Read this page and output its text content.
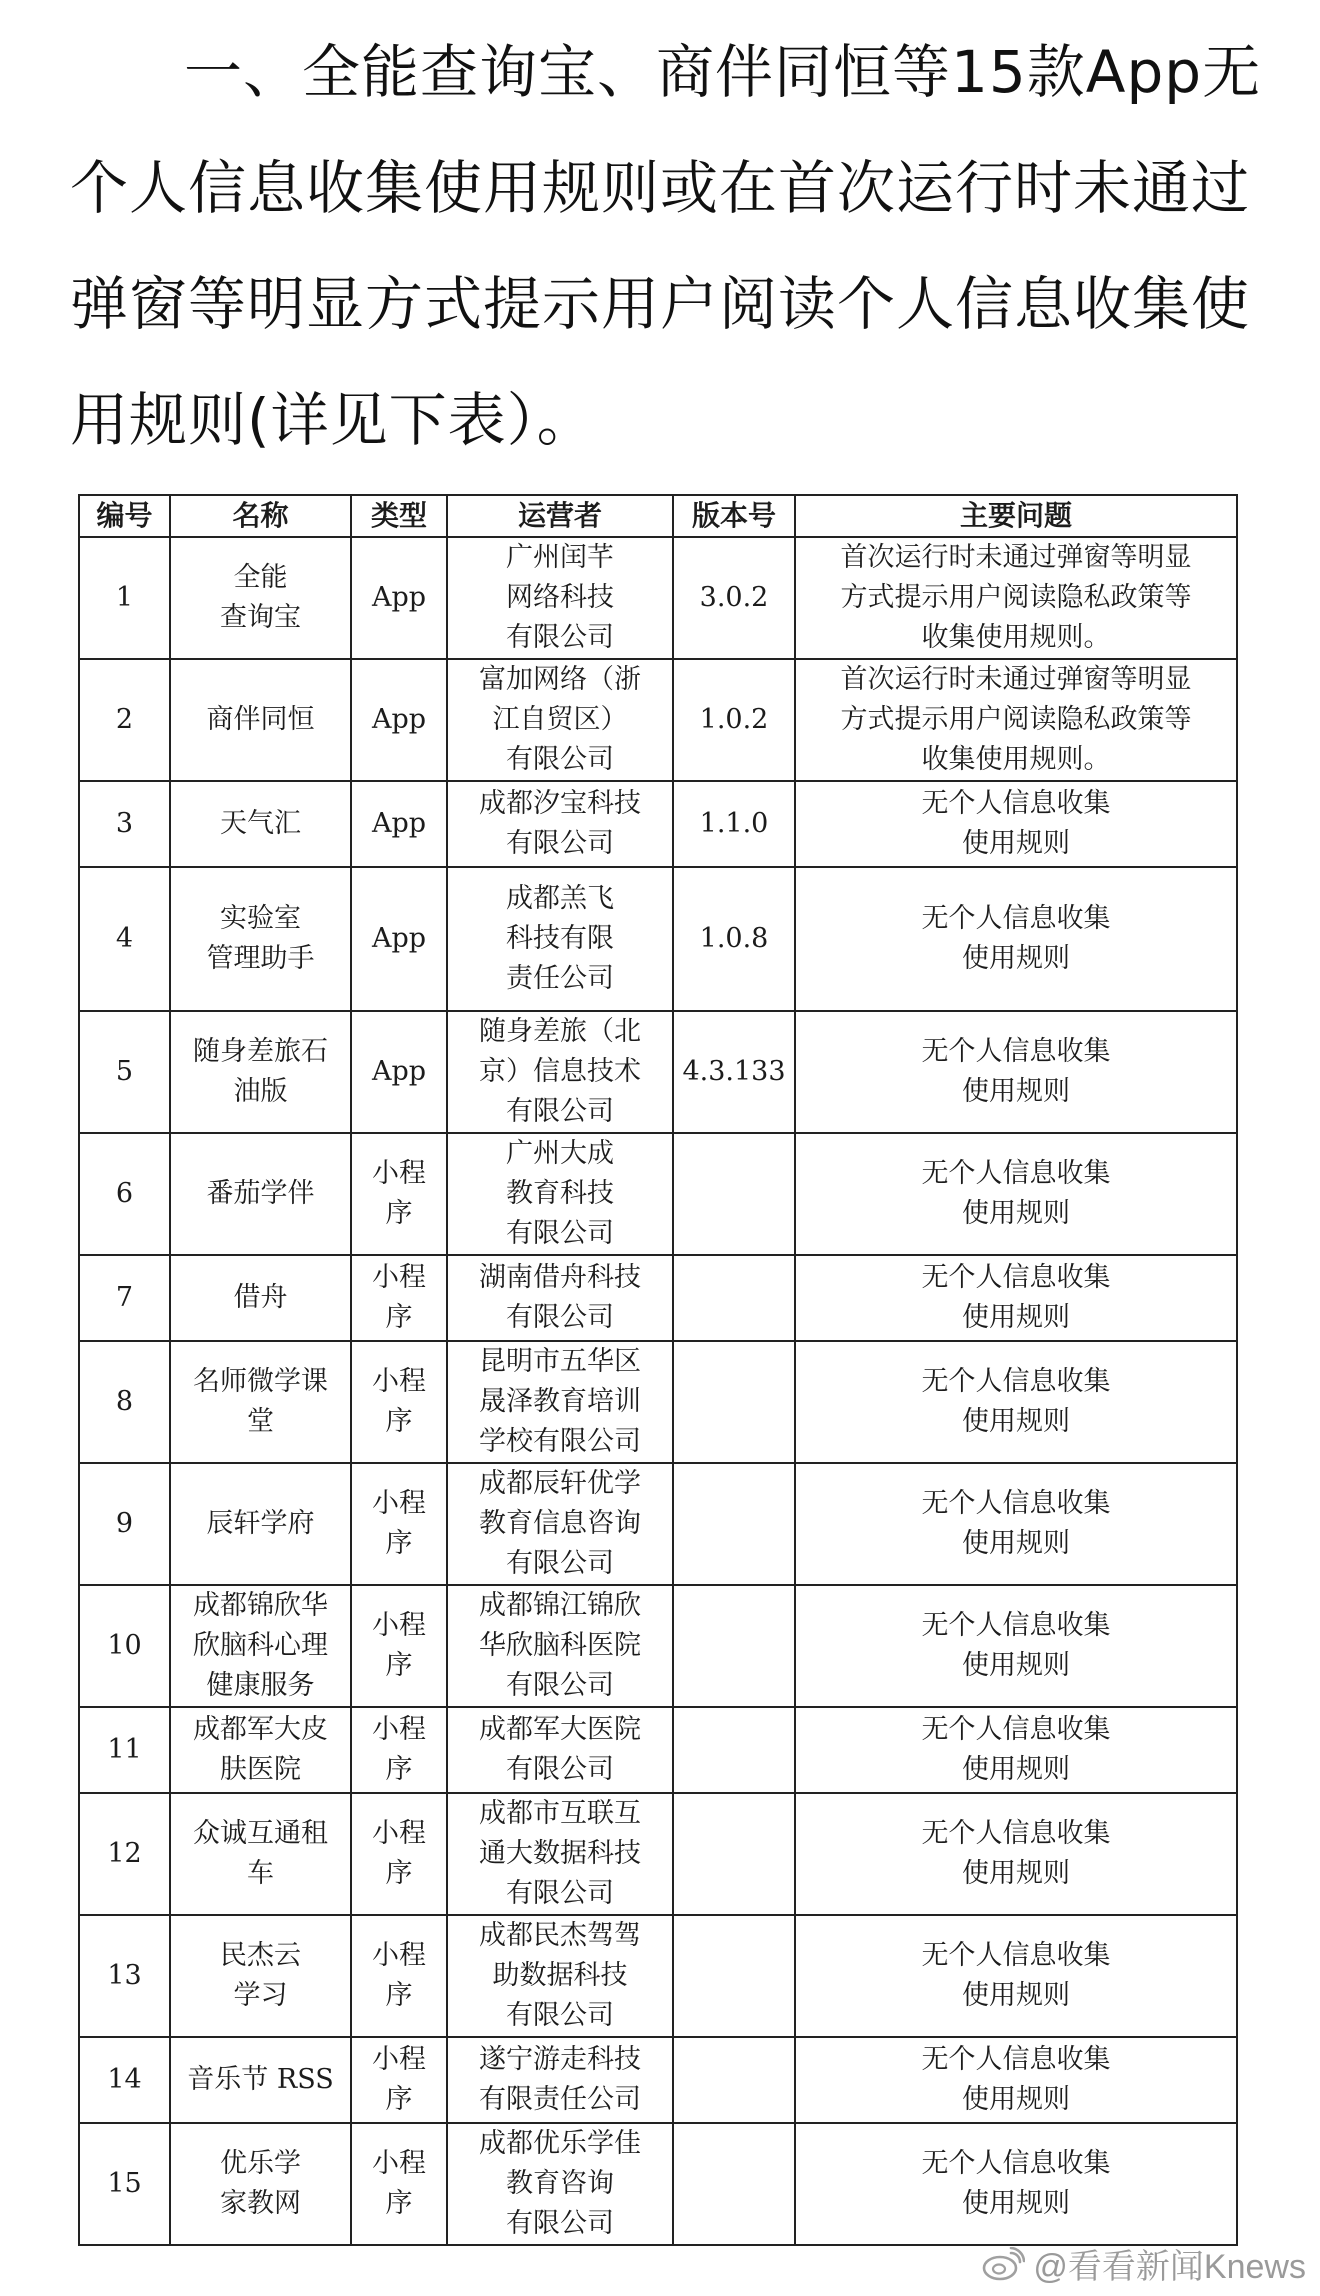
一、全能查询宝、商伴同恒等15款App无
个人信息收集使用规则或在首次运行时未通过
弹窗等明显方式提示用户阅读个人信息收集使
用规则(详见下表）。
编号	名称	类型	运营者	版本号	主要问题
1	全能
查询宝	App	广州闰芊
网络科技
有限公司	3.0.2	首次运行时未通过弹窗等明显
方式提示用户阅读隐私政策等
收集使用规则。
2	商伴同恒	App	富加网络（浙
江自贸区）
有限公司	1.0.2	首次运行时未通过弹窗等明显
方式提示用户阅读隐私政策等
收集使用规则。
3	天气汇	App	成都汐宝科技
有限公司	1.1.0	无个人信息收集
使用规则
4	实验室
管理助手	App	成都羔飞
科技有限
责任公司	1.0.8	无个人信息收集
使用规则
5	随身差旅石
油版	App	随身差旅（北
京）信息技术
有限公司	4.3.133	无个人信息收集
使用规则
6	番茄学伴	小程
序	广州大成
教育科技
有限公司		无个人信息收集
使用规则
7	借舟	小程
序	湖南借舟科技
有限公司		无个人信息收集
使用规则
8	名师微学课
堂	小程
序	昆明市五华区
晟泽教育培训
学校有限公司		无个人信息收集
使用规则
9	辰轩学府	小程
序	成都辰轩优学
教育信息咨询
有限公司		无个人信息收集
使用规则
10	成都锦欣华
欣脑科心理
健康服务	小程
序	成都锦江锦欣
华欣脑科医院
有限公司		无个人信息收集
使用规则
11	成都军大皮
肤医院	小程
序	成都军大医院
有限公司		无个人信息收集
使用规则
12	众诚互通租
车	小程
序	成都市互联互
通大数据科技
有限公司		无个人信息收集
使用规则
13	民杰云
学习	小程
序	成都民杰驾驾
助数据科技
有限公司		无个人信息收集
使用规则
14	音乐节 RSS	小程
序	遂宁游走科技
有限责任公司		无个人信息收集
使用规则
15	优乐学
家教网	小程
序	成都优乐学佳
教育咨询
有限公司		无个人信息收集
使用规则
@看看新闻Knews
